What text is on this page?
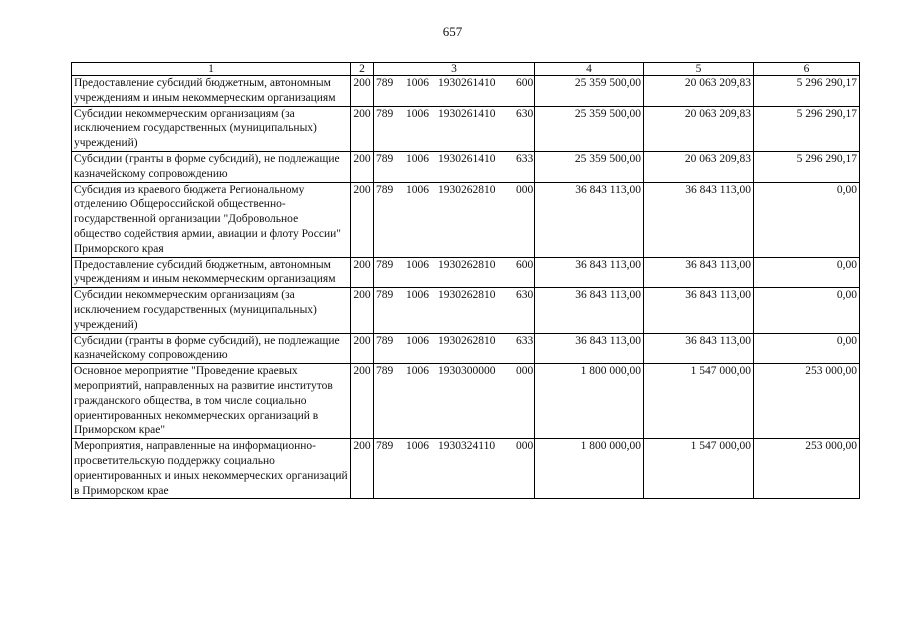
657
1	2	3	4	5	6
Предоставление субсидий бюджетным, автономным учреждениям и иным некоммерческим организациям	200	789 1006 1930261410 600	25 359 500,00	20 063 209,83	5 296 290,17
Субсидии некоммерческим организациям (за исключением государственных (муниципальных) учреждений)	200	789 1006 1930261410 630	25 359 500,00	20 063 209,83	5 296 290,17
Субсидии (гранты в форме субсидий), не подлежащие казначейскому сопровождению	200	789 1006 1930261410 633	25 359 500,00	20 063 209,83	5 296 290,17
Субсидия из краевого бюджета Региональному отделению Общероссийской общественно-государственной организации "Добровольное общество содействия армии, авиации и флоту России" Приморского края	200	789 1006 1930262810 000	36 843 113,00	36 843 113,00	0,00
Предоставление субсидий бюджетным, автономным учреждениям и иным некоммерческим организациям	200	789 1006 1930262810 600	36 843 113,00	36 843 113,00	0,00
Субсидии некоммерческим организациям (за исключением государственных (муниципальных) учреждений)	200	789 1006 1930262810 630	36 843 113,00	36 843 113,00	0,00
Субсидии (гранты в форме субсидий), не подлежащие казначейскому сопровождению	200	789 1006 1930262810 633	36 843 113,00	36 843 113,00	0,00
Основное мероприятие "Проведение краевых мероприятий, направленных на развитие институтов гражданского общества, в том числе социально ориентированных некоммерческих организаций в Приморском крае"	200	789 1006 1930300000 000	1 800 000,00	1 547 000,00	253 000,00
Мероприятия, направленные на информационно-просветительскую поддержку социально ориентированных и иных некоммерческих организаций в Приморском крае	200	789 1006 1930324110 000	1 800 000,00	1 547 000,00	253 000,00
